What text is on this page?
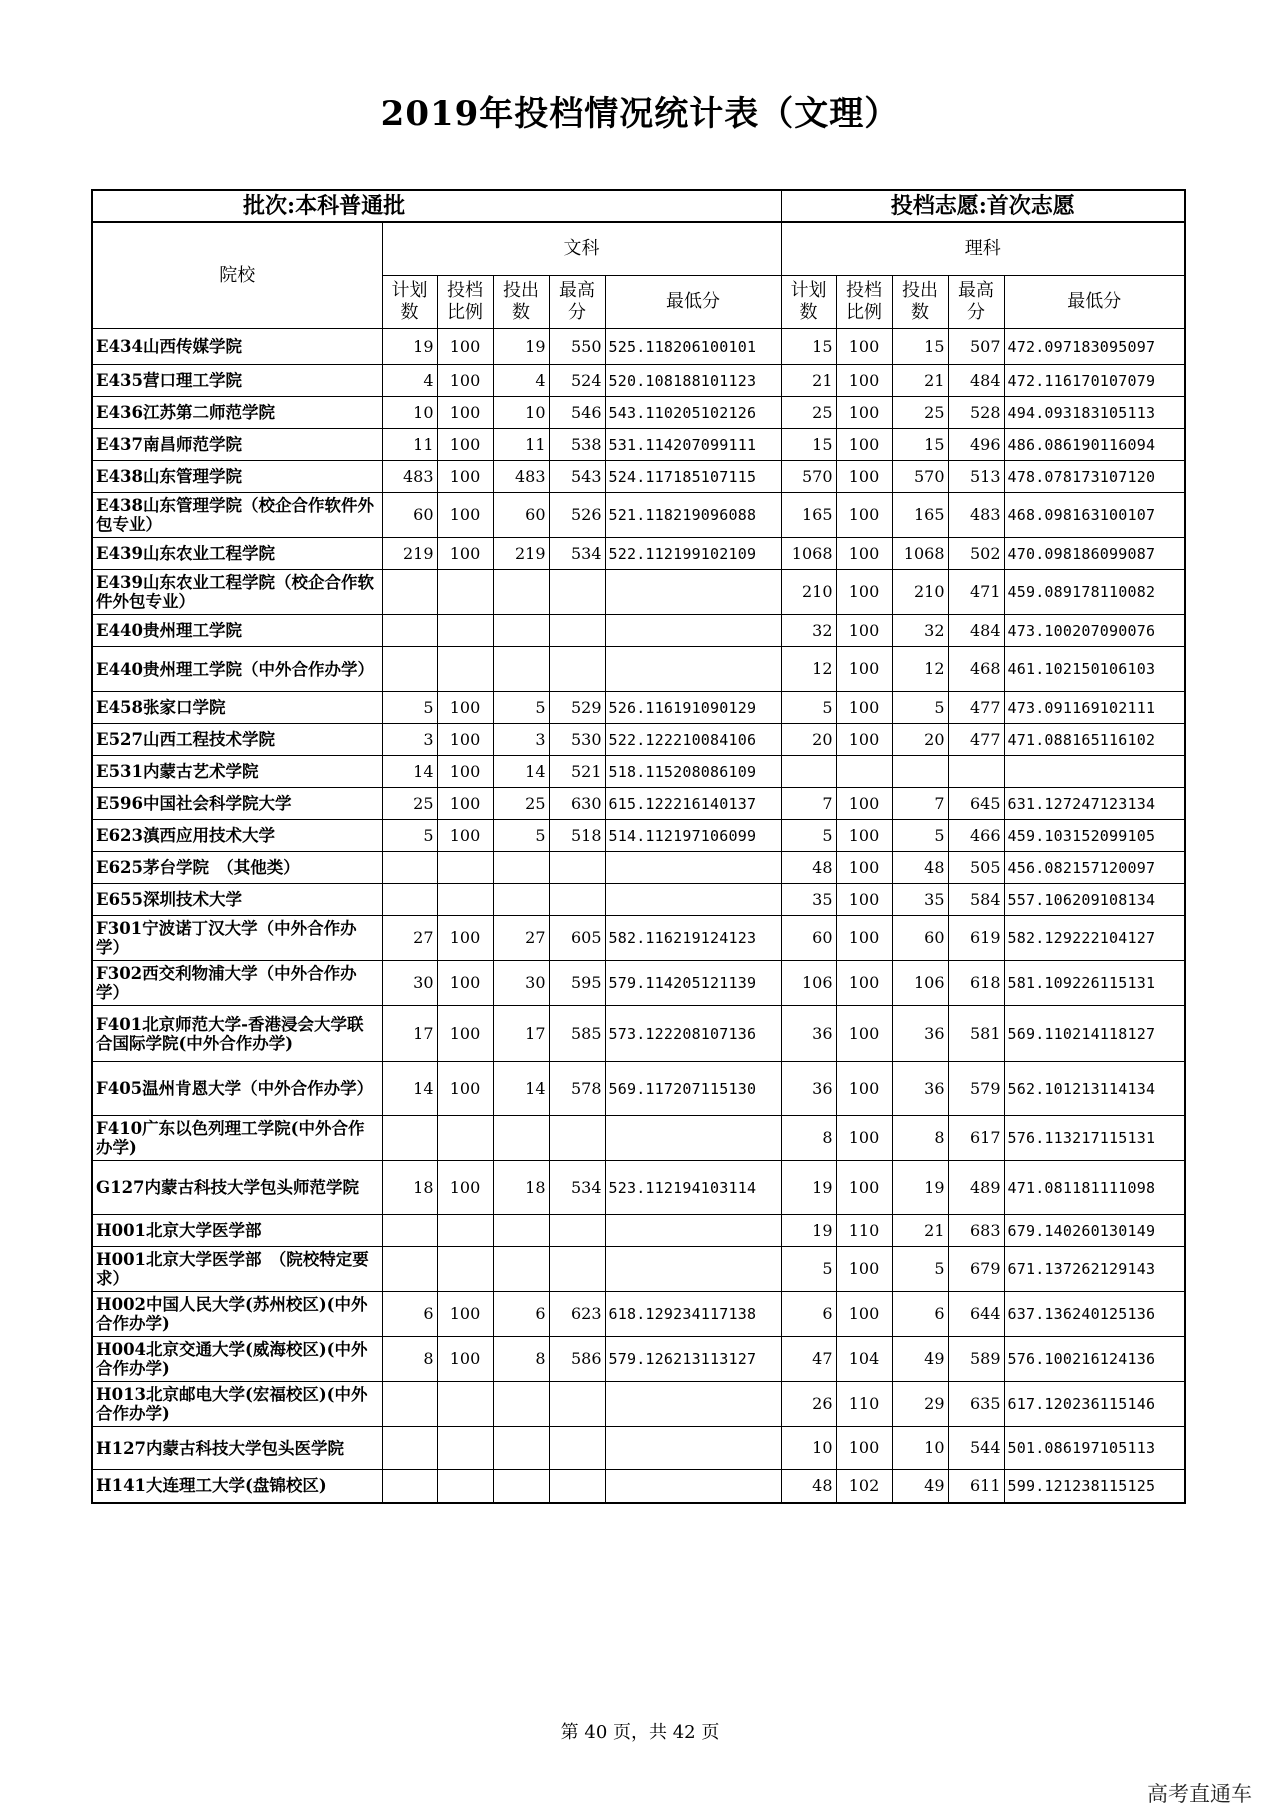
2019年投档情况统计表（文理）
批次:本科普通批						投档志愿:首次志愿				
院校	文科					理科				

	计划数	投档比例	投出数	最高分	最低分	计划数	投档比例	投出数	最高分	最低分
E434山西传媒学院	19	100	19	550	525.118206100101	15	100	15	507	472.097183095097
E435营口理工学院	4	100	4	524	520.108188101123	21	100	21	484	472.116170107079
E436江苏第二师范学院	10	100	10	546	543.110205102126	25	100	25	528	494.093183105113
E437南昌师范学院	11	100	11	538	531.114207099111	15	100	15	496	486.086190116094
E438山东管理学院	483	100	483	543	524.117185107115	570	100	570	513	478.078173107120
E438山东管理学院（校企合作软件外包专业）	60	100	60	526	521.118219096088	165	100	165	483	468.098163100107
E439山东农业工程学院	219	100	219	534	522.112199102109	1068	100	1068	502	470.098186099087
E439山东农业工程学院（校企合作软件外包专业）						210	100	210	471	459.089178110082
E440贵州理工学院						32	100	32	484	473.100207090076
E440贵州理工学院（中外合作办学）						12	100	12	468	461.102150106103
E458张家口学院	5	100	5	529	526.116191090129	5	100	5	477	473.091169102111
E527山西工程技术学院	3	100	3	530	522.122210084106	20	100	20	477	471.088165116102
E531内蒙古艺术学院	14	100	14	521	518.115208086109					
E596中国社会科学院大学	25	100	25	630	615.122216140137	7	100	7	645	631.127247123134
E623滇西应用技术大学	5	100	5	518	514.112197106099	5	100	5	466	459.103152099105
E625茅台学院　（其他类）						48	100	48	505	456.082157120097
E655深圳技术大学						35	100	35	584	557.106209108134
F301宁波诺丁汉大学（中外合作办学）	27	100	27	605	582.116219124123	60	100	60	619	582.129222104127
F302西交利物浦大学（中外合作办学）	30	100	30	595	579.114205121139	106	100	106	618	581.109226115131
F401北京师范大学-香港浸会大学联合国际学院(中外合作办学)	17	100	17	585	573.122208107136	36	100	36	581	569.110214118127
F405温州肯恩大学（中外合作办学）	14	100	14	578	569.117207115130	36	100	36	579	562.101213114134
F410广东以色列理工学院(中外合作办学)						8	100	8	617	576.113217115131
G127内蒙古科技大学包头师范学院	18	100	18	534	523.112194103114	19	100	19	489	471.081181111098
H001北京大学医学部						19	110	21	683	679.140260130149
H001北京大学医学部　（院校特定要求）						5	100	5	679	671.137262129143
H002中国人民大学(苏州校区)(中外合作办学)	6	100	6	623	618.129234117138	6	100	6	644	637.136240125136
H004北京交通大学(威海校区)(中外合作办学)	8	100	8	586	579.126213113127	47	104	49	589	576.100216124136
H013北京邮电大学(宏福校区)(中外合作办学)						26	110	29	635	617.120236115146
H127内蒙古科技大学包头医学院						10	100	10	544	501.086197105113
H141大连理工大学(盘锦校区)						48	102	49	611	599.121238115125
第 40 页，共 42 页
高考直通车
